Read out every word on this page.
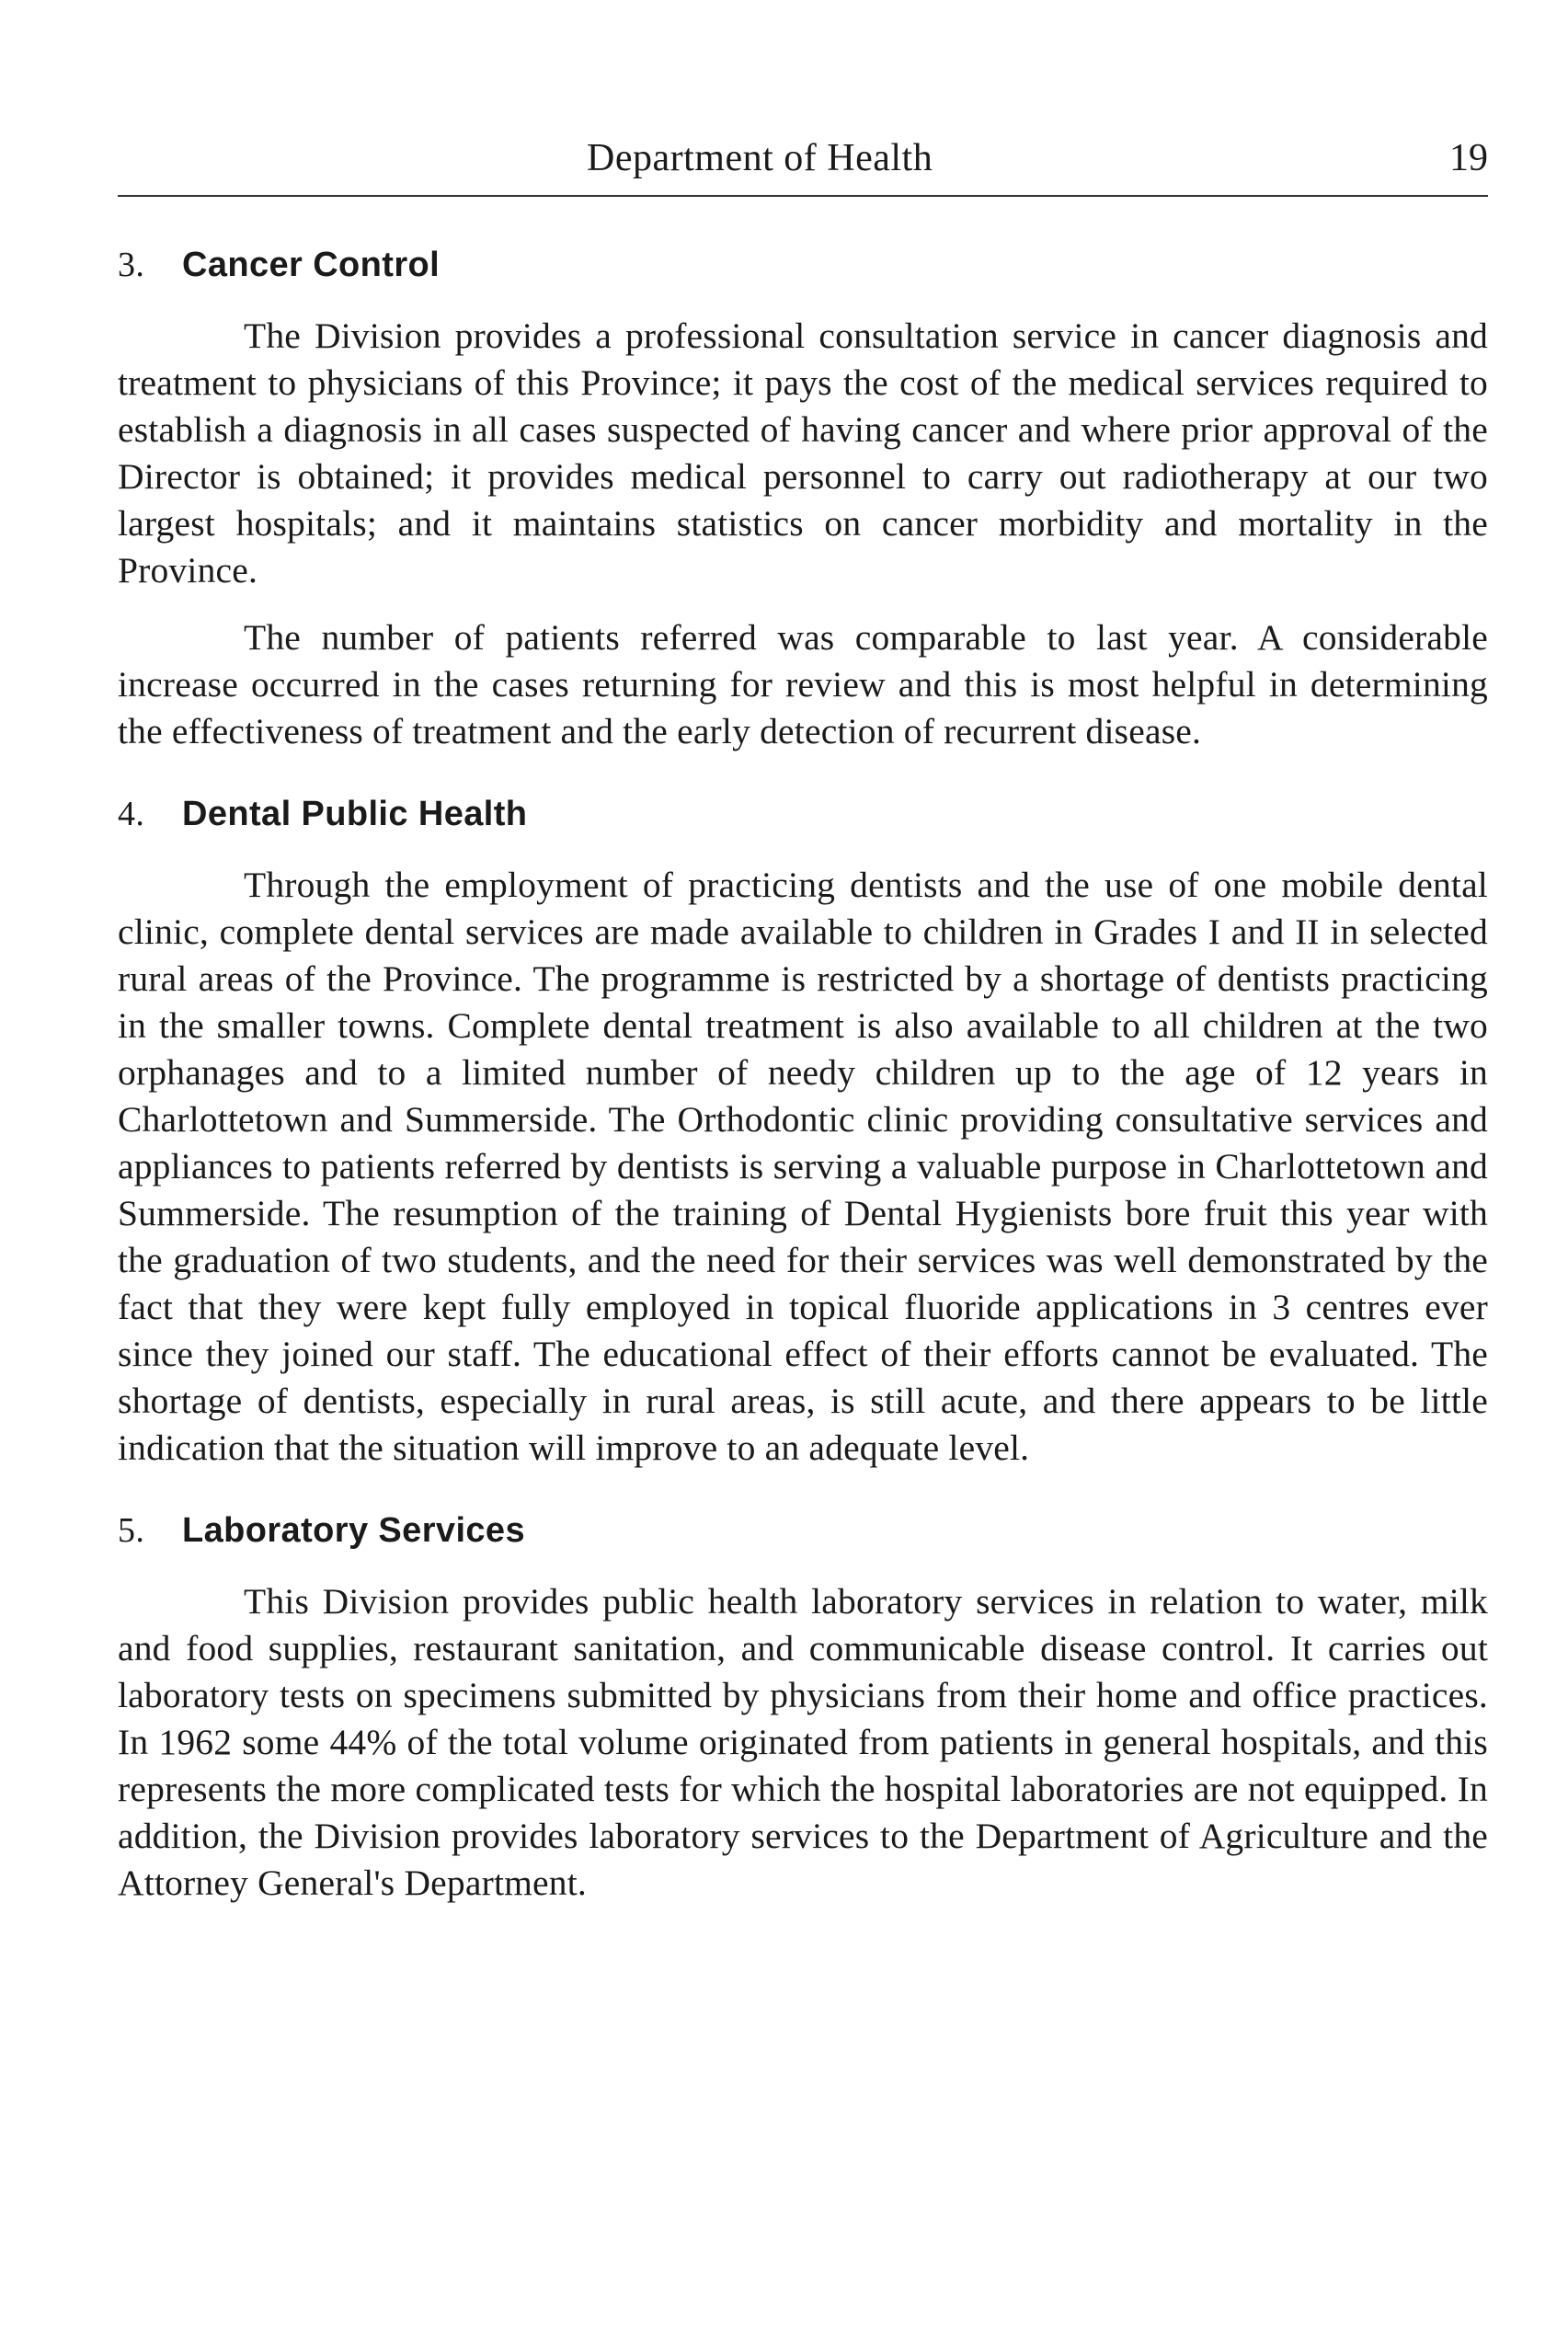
Department of Health	19
3. Cancer Control

The Division provides a professional consultation service in cancer diagnosis and treatment to physicians of this Province; it pays the cost of the medical services required to establish a diagnosis in all cases suspected of having cancer and where prior approval of the Director is obtained; it provides medical personnel to carry out radiotherapy at our two largest hospitals; and it maintains statistics on cancer morbidity and mortality in the Province.

The number of patients referred was comparable to last year. A considerable increase occurred in the cases returning for review and this is most helpful in determining the effectiveness of treatment and the early detection of recurrent disease.

4. Dental Public Health

Through the employment of practicing dentists and the use of one mobile dental clinic, complete dental services are made available to children in Grades I and II in selected rural areas of the Province. The programme is restricted by a shortage of dentists practicing in the smaller towns. Complete dental treatment is also available to all children at the two orphanages and to a limited number of needy children up to the age of 12 years in Charlottetown and Summerside. The Orthodontic clinic providing consultative services and appliances to patients referred by dentists is serving a valuable purpose in Charlottetown and Summerside. The resumption of the training of Dental Hygienists bore fruit this year with the graduation of two students, and the need for their services was well demonstrated by the fact that they were kept fully employed in topical fluoride applications in 3 centres ever since they joined our staff. The educational effect of their efforts cannot be evaluated. The shortage of dentists, especially in rural areas, is still acute, and there appears to be little indication that the situation will improve to an adequate level.

5. Laboratory Services

This Division provides public health laboratory services in relation to water, milk and food supplies, restaurant sanitation, and communicable disease control. It carries out laboratory tests on specimens submitted by physicians from their home and office practices. In 1962 some 44% of the total volume originated from patients in general hospitals, and this represents the more complicated tests for which the hospital laboratories are not equipped. In addition, the Division provides laboratory services to the Department of Agriculture and the Attorney General's Department.
